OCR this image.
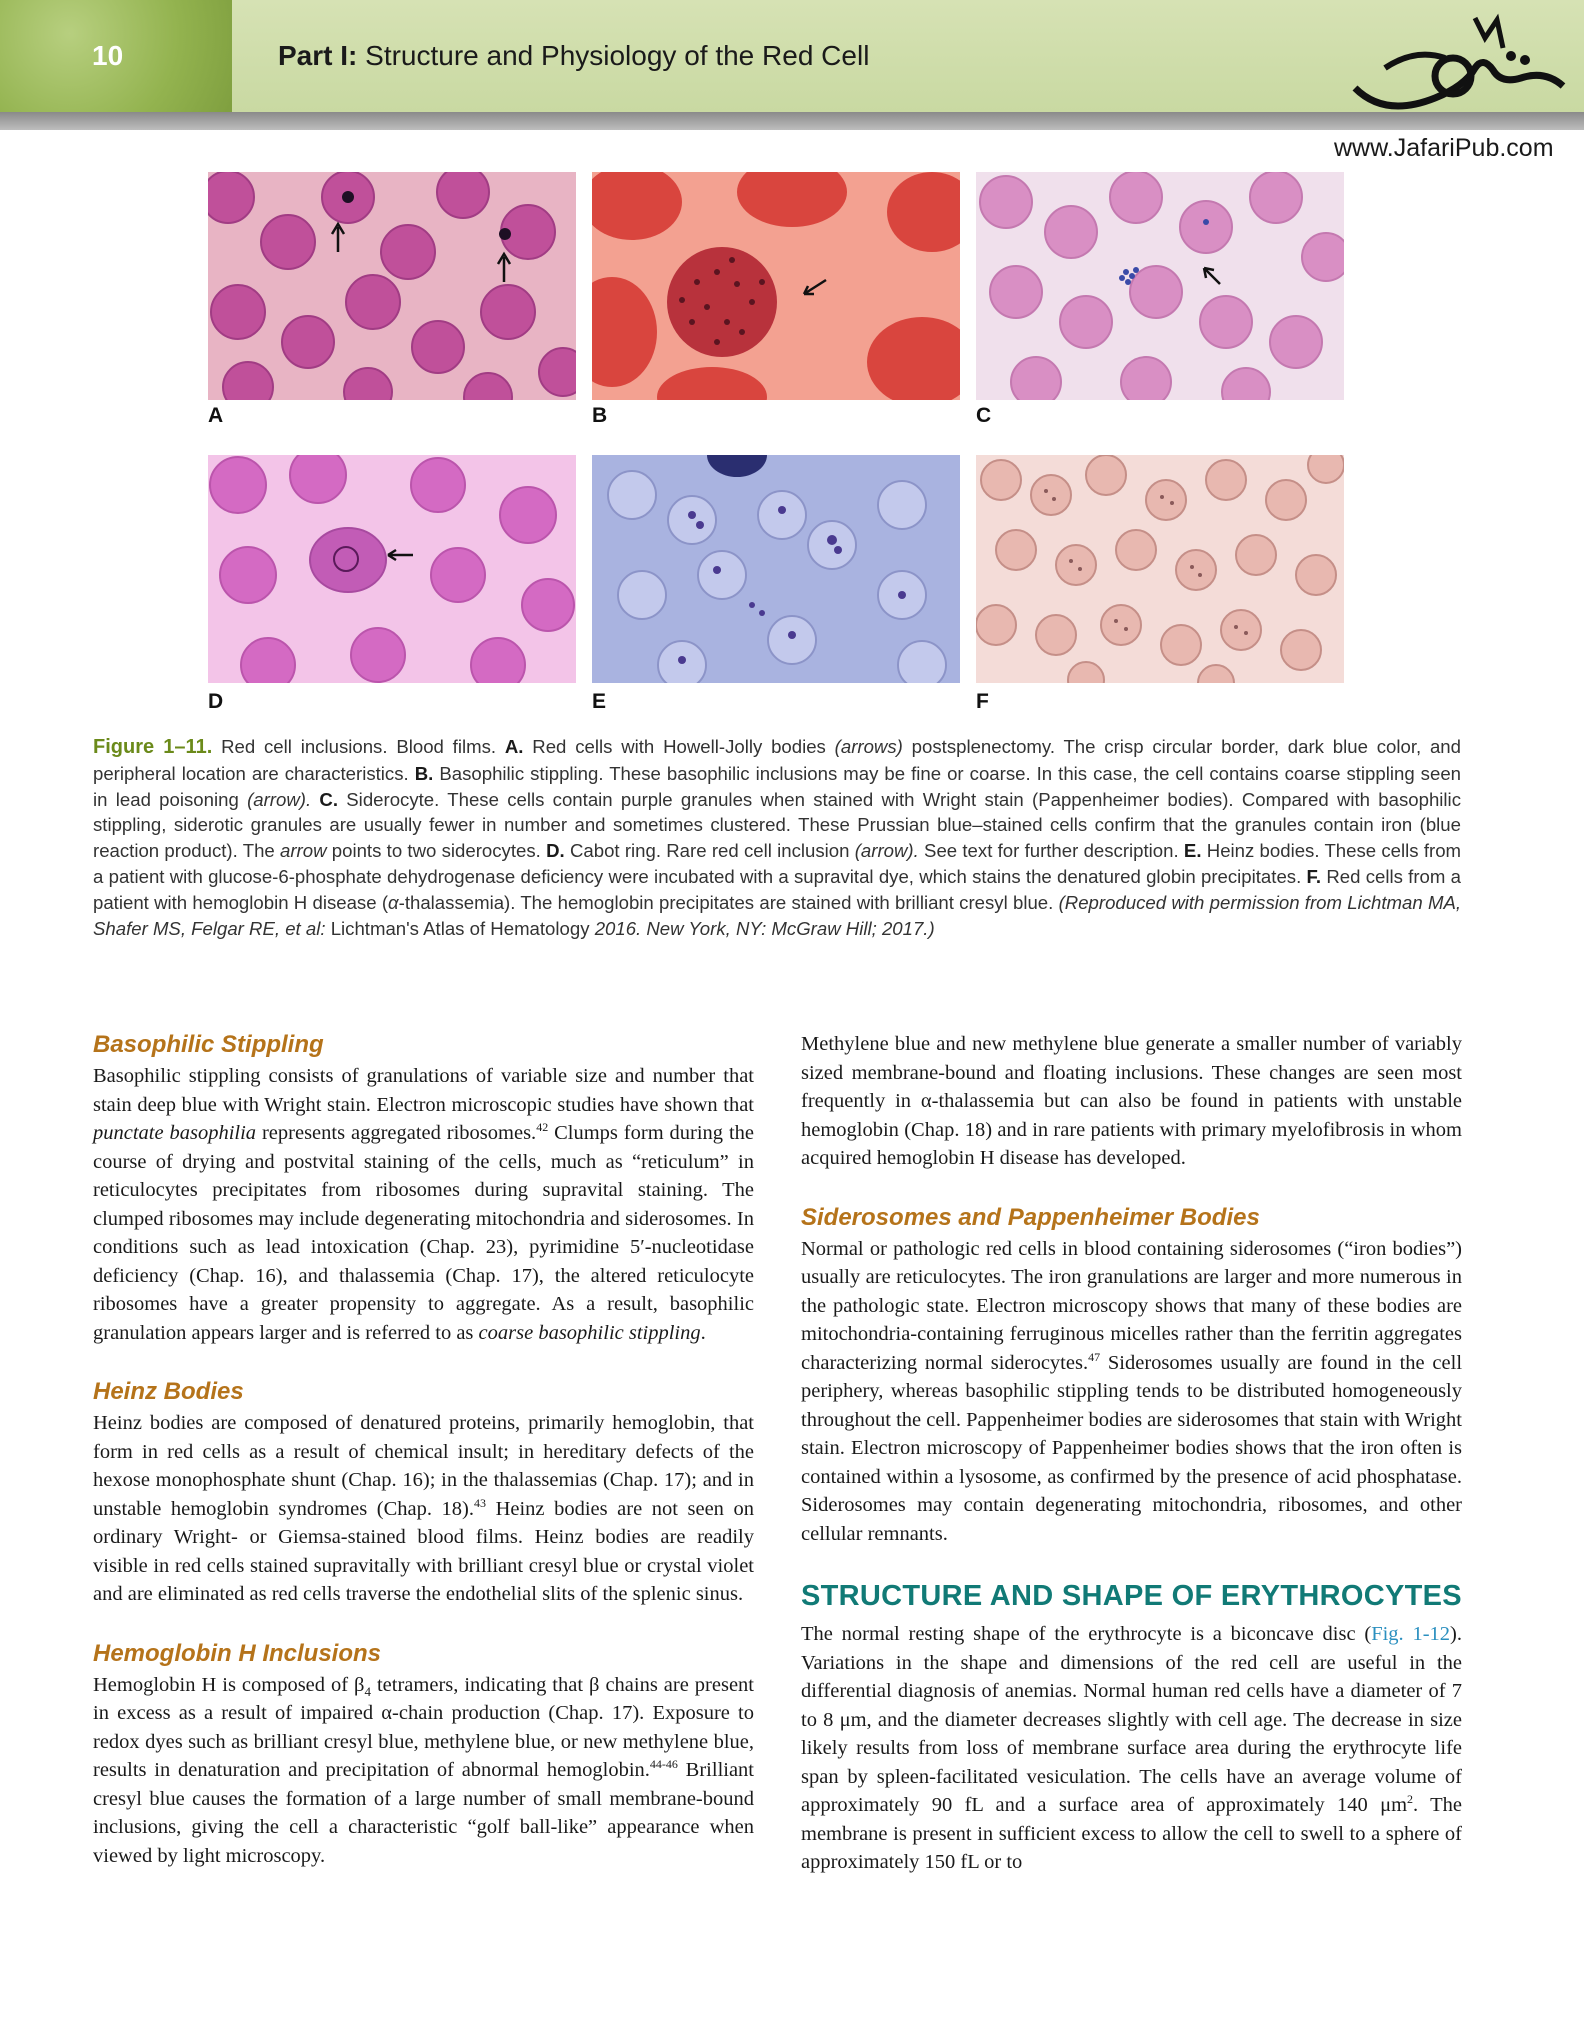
10	Part I: Structure and Physiology of the Red Cell
www.JafariPub.com
A	B	C
D	E	F
Figure 1–11. Red cell inclusions. Blood films. A. Red cells with Howell-Jolly bodies (arrows) postsplenectomy. The crisp circular border, dark blue color, and peripheral location are characteristics. B. Basophilic stippling. These basophilic inclusions may be fine or coarse. In this case, the cell contains coarse stippling seen in lead poisoning (arrow). C. Siderocyte. These cells contain purple granules when stained with Wright stain (Pappenheimer bodies). Compared with basophilic stippling, siderotic granules are usually fewer in number and sometimes clustered. These Prussian blue–stained cells confirm that the granules contain iron (blue reaction product). The arrow points to two siderocytes. D. Cabot ring. Rare red cell inclusion (arrow). See text for further description. E. Heinz bodies. These cells from a patient with glucose-6-phosphate dehydrogenase deficiency were incubated with a supravital dye, which stains the denatured globin precipitates. F. Red cells from a patient with hemoglobin H disease (α-thalassemia). The hemoglobin precipitates are stained with brilliant cresyl blue. (Reproduced with permission from Lichtman MA, Shafer MS, Felgar RE, et al: Lichtman's Atlas of Hematology 2016. New York, NY: McGraw Hill; 2017.)
Basophilic Stippling

Basophilic stippling consists of granulations of variable size and number that stain deep blue with Wright stain. Electron microscopic studies have shown that punctate basophilia represents aggregated ribosomes.$^{42}$ Clumps form during the course of drying and postvital staining of the cells, much as “reticulum” in reticulocytes precipitates from ribosomes during supravital staining. The clumped ribosomes may include degenerating mitochondria and siderosomes. In conditions such as lead intoxication (Chap. 23), pyrimidine 5′-nucleotidase deficiency (Chap. 16), and thalassemia (Chap. 17), the altered reticulocyte ribosomes have a greater propensity to aggregate. As a result, basophilic granulation appears larger and is referred to as coarse basophilic stippling.

Heinz Bodies

Heinz bodies are composed of denatured proteins, primarily hemoglobin, that form in red cells as a result of chemical insult; in hereditary defects of the hexose monophosphate shunt (Chap. 16); in the thalassemias (Chap. 17); and in unstable hemoglobin syndromes (Chap. 18).$^{43}$ Heinz bodies are not seen on ordinary Wright- or Giemsa-stained blood films. Heinz bodies are readily visible in red cells stained supravitally with brilliant cresyl blue or crystal violet and are eliminated as red cells traverse the endothelial slits of the splenic sinus.

Hemoglobin H Inclusions

Hemoglobin H is composed of $\beta_4$ tetramers, indicating that β chains are present in excess as a result of impaired α-chain production (Chap. 17). Exposure to redox dyes such as brilliant cresyl blue, methylene blue, or new methylene blue, results in denaturation and precipitation of abnormal hemoglobin.$^{44-46}$ Brilliant cresyl blue causes the formation of a large number of small membrane-bound inclusions, giving the cell a characteristic “golf ball-like” appearance when viewed by light microscopy.

Methylene blue and new methylene blue generate a smaller number of variably sized membrane-bound and floating inclusions. These changes are seen most frequently in α-thalassemia but can also be found in patients with unstable hemoglobin (Chap. 18) and in rare patients with primary myelofibrosis in whom acquired hemoglobin H disease has developed.

Siderosomes and Pappenheimer Bodies

Normal or pathologic red cells in blood containing siderosomes (“iron bodies”) usually are reticulocytes. The iron granulations are larger and more numerous in the pathologic state. Electron microscopy shows that many of these bodies are mitochondria-containing ferruginous micelles rather than the ferritin aggregates characterizing normal siderocytes.$^{47}$ Siderosomes usually are found in the cell periphery, whereas basophilic stippling tends to be distributed homogeneously throughout the cell. Pappenheimer bodies are siderosomes that stain with Wright stain. Electron microscopy of Pappenheimer bodies shows that the iron often is contained within a lysosome, as confirmed by the presence of acid phosphatase. Siderosomes may contain degenerating mitochondria, ribosomes, and other cellular remnants.

STRUCTURE AND SHAPE OF ERYTHROCYTES

The normal resting shape of the erythrocyte is a biconcave disc (Fig. 1-12). Variations in the shape and dimensions of the red cell are useful in the differential diagnosis of anemias. Normal human red cells have a diameter of 7 to 8 μm, and the diameter decreases slightly with cell age. The decrease in size likely results from loss of membrane surface area during the erythrocyte life span by spleen-facilitated vesiculation. The cells have an average volume of approximately 90 fL and a surface area of approximately 140 $\mu m^2$. The membrane is present in sufficient excess to allow the cell to swell to a sphere of approximately 150 fL or to
